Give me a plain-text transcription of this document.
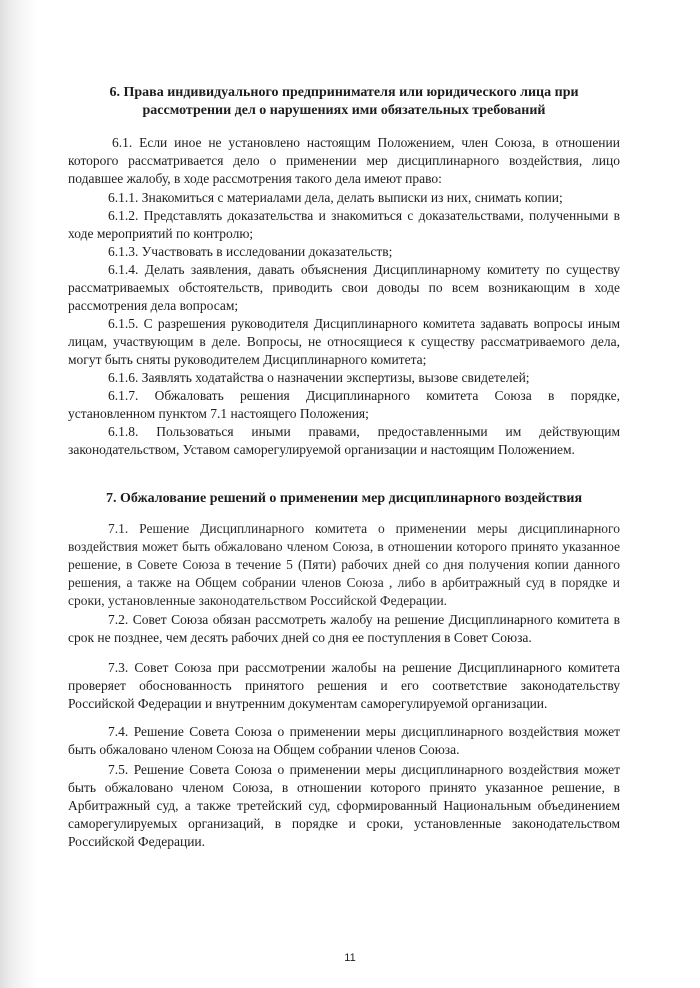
6. Права индивидуального предпринимателя или юридического лица при

рассмотрении дел о нарушениях ими обязательных требований

6.1. Если иное не установлено настоящим Положением, член Союза, в отношении которого рассматривается дело о применении мер дисциплинарного воздействия, лицо подавшее жалобу, в ходе рассмотрения такого дела имеют право:

6.1.1. Знакомиться с материалами дела, делать выписки из них, снимать копии;

6.1.2. Представлять доказательства и знакомиться с доказательствами, полученными в ходе мероприятий по контролю;

6.1.3. Участвовать в исследовании доказательств;

6.1.4. Делать заявления, давать объяснения Дисциплинарному комитету по существу рассматриваемых обстоятельств, приводить свои доводы по всем возникающим в ходе рассмотрения дела вопросам;

6.1.5. С разрешения руководителя Дисциплинарного комитета задавать вопросы иным лицам, участвующим в деле. Вопросы, не относящиеся к существу рассматриваемого дела, могут быть сняты руководителем Дисциплинарного комитета;

6.1.6. Заявлять ходатайства о назначении экспертизы, вызове свидетелей;

6.1.7. Обжаловать решения Дисциплинарного комитета Союза в порядке, установленном пунктом 7.1 настоящего Положения;

6.1.8. Пользоваться иными правами, предоставленными им действующим законодательством, Уставом саморегулируемой организации и настоящим Положением.

7. Обжалование решений о применении мер дисциплинарного воздействия

7.1. Решение Дисциплинарного комитета о применении меры дисциплинарного воздействия может быть обжаловано членом Союза, в отношении которого принято указанное решение, в Совете Союза в течение 5 (Пяти) рабочих дней со дня получения копии данного решения, а также на Общем собрании членов Союза , либо в арбитражный суд в порядке и сроки, установленные законодательством Российской Федерации.

7.2. Совет Союза обязан рассмотреть жалобу на решение Дисциплинарного комитета в срок не позднее, чем десять рабочих дней со дня ее поступления в Совет Союза.

7.3. Совет Союза при рассмотрении жалобы на решение Дисциплинарного комитета проверяет обоснованность принятого решения и его соответствие законодательству Российской Федерации и внутренним документам саморегулируемой организации.

7.4. Решение Совета Союза о применении меры дисциплинарного воздействия может быть обжаловано членом Союза на Общем собрании членов Союза.

7.5. Решение Совета Союза о применении меры дисциплинарного воздействия может быть обжаловано членом Союза, в отношении которого принято указанное решение, в Арбитражный суд, а также третейский суд, сформированный Национальным объединением саморегулируемых организаций, в порядке и сроки, установленные законодательством Российской Федерации.

11
